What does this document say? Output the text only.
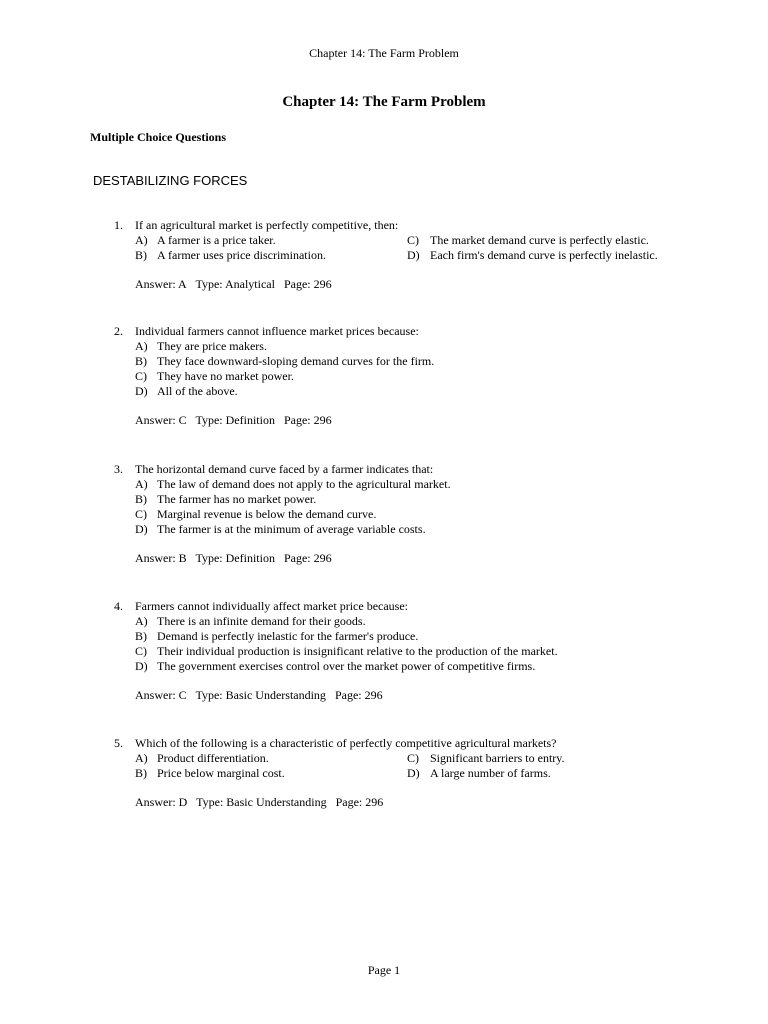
Chapter 14: The Farm Problem
Chapter 14: The Farm Problem
Multiple Choice Questions
DESTABILIZING FORCES
1. If an agricultural market is perfectly competitive, then:
A) A farmer is a price taker.	C) The market demand curve is perfectly elastic.
B) A farmer uses price discrimination.	D) Each firm's demand curve is perfectly inelastic.
Answer: A Type: Analytical Page: 296
2. Individual farmers cannot influence market prices because:
A) They are price makers.
B) They face downward-sloping demand curves for the firm.
C) They have no market power.
D) All of the above.
Answer: C Type: Definition Page: 296
3. The horizontal demand curve faced by a farmer indicates that:
A) The law of demand does not apply to the agricultural market.
B) The farmer has no market power.
C) Marginal revenue is below the demand curve.
D) The farmer is at the minimum of average variable costs.
Answer: B Type: Definition Page: 296
4. Farmers cannot individually affect market price because:
A) There is an infinite demand for their goods.
B) Demand is perfectly inelastic for the farmer's produce.
C) Their individual production is insignificant relative to the production of the market.
D) The government exercises control over the market power of competitive firms.
Answer: C Type: Basic Understanding Page: 296
5. Which of the following is a characteristic of perfectly competitive agricultural markets?
A) Product differentiation.	C) Significant barriers to entry.
B) Price below marginal cost.	D) A large number of farms.
Answer: D Type: Basic Understanding Page: 296
Page 1
